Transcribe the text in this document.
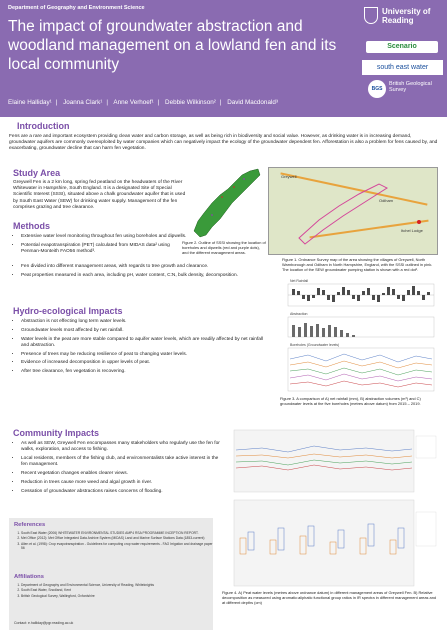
Department of Geography and Environment Science
The impact of groundwater abstraction and woodland management on a lowland fen and its local community
Elaine Halliday¹ | Joanna Clark¹ | Anne Verhoef¹ | Debbie Wilkinson² | David Macdonald³
University of Reading
Scenario
south east water
BGS
British Geological Survey
Introduction
Fens are a rare and important ecosystem providing clean water and carbon storage, as well as being rich in biodiversity and social value. However, as drinking water is in increasing demand, groundwater aquifers are commonly overexploited by water companies which can negatively impact the ecology of the groundwater dependent fen. Afforestation is also a problem for fens caused by, and exacerbating, groundwater decline that can harm fen vegetation.
Study Area
Greywell Fen is a 2 km long, spring fed peatland on the headwaters of the River Whitewater in Hampshire, South England. It is a designated Site of Special Scientific Interest (SSSI), situated above a chalk groundwater aquifer that is used by South East Water (SEW) for drinking water supply. Management of the fen comprises grazing and tree clearance.
Figure 2. Outline of SSSI showing the location of boreholes and dipwells (red and purple dots), and the different management areas.
Greywell
Odiham
Itchel Lodge
Figure 1. Ordnance Survey map of the area showing the villages of Greywell, North Warnborough and Odiham in North Hampshire, England, with the SSSI outlined in pink. The location of the SEW groundwater pumping station is shown with a red dot¹.
Methods
• Extensive water level monitoring throughout fen using boreholes and dipwells.
• Potential evapotranspiration (PET) calculated from MIDAS data² using Penman-Monteith FAO56 method³.
• Fen divided into different management areas, with regards to tree growth and clearance.
• Peat properties measured in each area, including pH, water content, C:N, bulk density, decomposition.
Hydro-ecological Impacts
• Abstraction is not effecting long term water levels.
• Groundwater levels most affected by net rainfall.
• Water levels in the peat are more stable compared to aquifer water levels, which are readily affected by net rainfall and abstraction.
• Presence of trees may be reducing resilience of peat to changing water levels.
• Evidence of increased decomposition in upper levels of peat.
• After tree clearance, fen vegetation is recovering.
Net Rainfall
Abstraction
Boreholes (Groundwater levels)
Figure 3. A comparison of A) net rainfall (mm), B) abstraction volumes (m³) and C) groundwater levels at the five boreholes (metres above datum) from 2015 – 2019.
Community Impacts
• As well as SEW, Greywell Fen encompasses many stakeholders who regularly use the fen for walks, exploration, and access to fishing.
• Local residents, members of the fishing club, and environmentalists take active interest in the fen management.
• Recent vegetation changes enables clearer views.
• Reduction in trees cause more weed and algal growth in river.
• Cessation of groundwater abstractions raises concerns of flooding.
Figure 4. A) Peat water levels (metres above ordnance datum) in different management areas of Greywell Fen. B) Relative decomposition as measured using aromatic:aliphatic functional group ratios in IR spectra in different management areas and at different depths (cm)
References
1. South East Water (2006) WHITEWATER ENVIRONMENTAL STUDIES AMP4 RSA PROGRAMME INCEPTION REPORT.
2. Met Office (2012): Met Office Integrated Data Archive System (MIDAS) Land and Marine Surface Stations Data (1853-current)
3. Allen et al. (1998): Crop evapotranspiration - Guidelines for computing crop water requirements - FAO Irrigation and drainage paper 56
Affiliations
1. Department of Geography and Environmental Science, University of Reading, Whiteknights
2. South East Water, Snodland, Kent
3. British Geological Survey, Wallingford, Oxfordshire
Contact: e.halliday@pgr.reading.ac.uk
